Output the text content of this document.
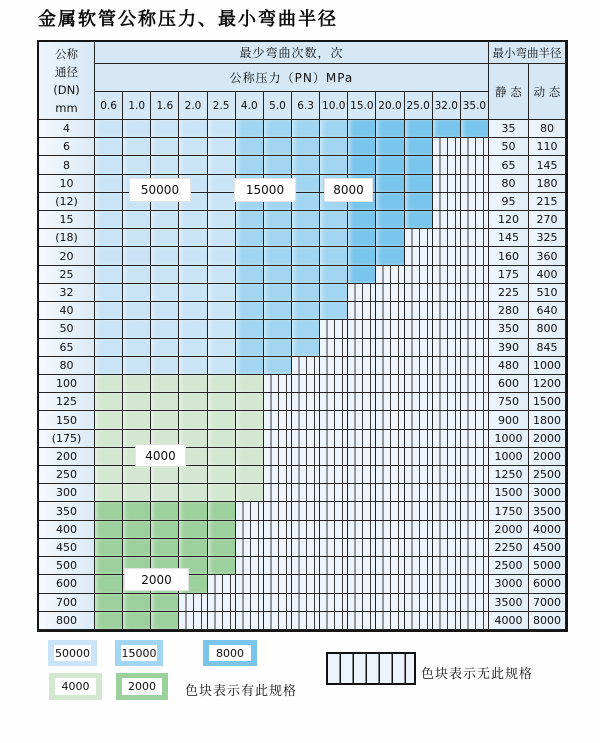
金属软管公称压力、最小弯曲半径
50000	15000	8000
4000
2000
公称
通径
(DN)
mm
最少弯曲次数，次	最小弯曲半径
公称压力（PN）MPa
静 态	动 态
0.6	1.0	1.6	2.0	2.5	4.0	5.0	6.3 10.0 15.0 20.0 25.0 32.0 35.0
4	35	80
6	50	110
8	65	145
10	80	180
(12)	95	215
15	120	270
(18)	145	325
20	160	360
25	175	400
32	225	510
40	280	640
50	350	800
65	390	845
80	480	1000
100	600	1200
125	750	1500
150	900	1800
(175)	1000 2000
200	1000 2000
250	1250 2500
300	1500 3000
350	1750 3500
400	2000 4000
450	2250 4500
500	2500 5000
600	3000 6000
700	3500 7000
800	4000 8000
50000	15000	8000
4000	2000	色块表示有此规格
色块表示无此规格
